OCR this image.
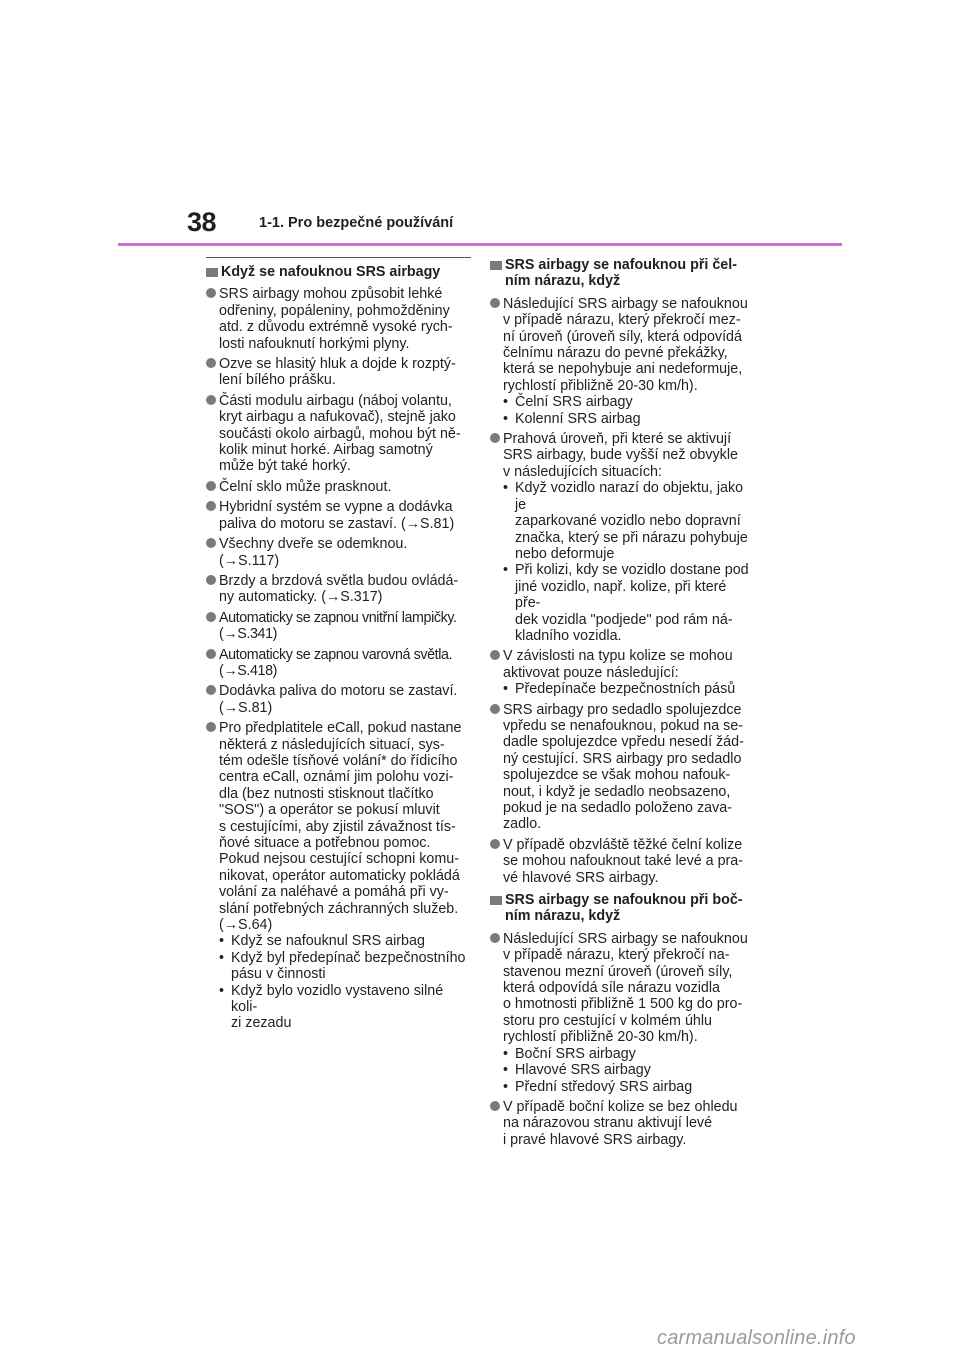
38	1-1. Pro bezpečné používání
Když se nafouknou SRS airbagy

SRS airbagy mohou způsobit lehké
odřeniny, popáleniny, pohmožděniny
atd. z důvodu extrémně vysoké rych-
losti nafouknutí horkými plyny.

Ozve se hlasitý hluk a dojde k rozptý-
lení bílého prášku.

Části modulu airbagu (náboj volantu,
kryt airbagu a nafukovač), stejně jako
součásti okolo airbagů, mohou být ně-
kolik minut horké. Airbag samotný
může být také horký.

Čelní sklo může prasknout.

Hybridní systém se vypne a dodávka
paliva do motoru se zastaví. (→S.81)

Všechny dveře se odemknou.
(→S.117)

Brzdy a brzdová světla budou ovládá-
ny automaticky. (→S.317)

Automaticky se zapnou vnitřní lampičky.
(→S.341)

Automaticky se zapnou varovná světla.
(→S.418)

Dodávka paliva do motoru se zastaví.
(→S.81)

Pro předplatitele eCall, pokud nastane
některá z následujících situací, sys-
tém odešle tísňové volání* do řídicího
centra eCall, oznámí jim polohu vozi-
dla (bez nutnosti stisknout tlačítko
"SOS") a operátor se pokusí mluvit
s cestujícími, aby zjistil závažnost tís-
ňové situace a potřebnou pomoc.
Pokud nejsou cestující schopni komu-
nikovat, operátor automaticky pokládá
volání za naléhavé a pomáhá při vy-
slání potřebných záchranných služeb.
(→S.64)

• Když se nafouknul SRS airbag
• Když byl předepínač bezpečnostního
pásu v činnosti
• Když bylo vozidlo vystaveno silné koli-
zi zezadu
SRS airbagy se nafouknou při čel-
ním nárazu, když

Následující SRS airbagy se nafouknou
v případě nárazu, který překročí mez-
ní úroveň (úroveň síly, která odpovídá
čelnímu nárazu do pevné překážky,
která se nepohybuje ani nedeformuje,
rychlostí přibližně 20-30 km/h).

• Čelní SRS airbagy
• Kolenní SRS airbag

Prahová úroveň, při které se aktivují
SRS airbagy, bude vyšší než obvykle
v následujících situacích:

• Když vozidlo narazí do objektu, jako je
zaparkované vozidlo nebo dopravní
značka, který se při nárazu pohybuje
nebo deformuje
• Při kolizi, kdy se vozidlo dostane pod
jiné vozidlo, např. kolize, při které pře-
dek vozidla "podjede" pod rám ná-
kladního vozidla.

V závislosti na typu kolize se mohou
aktivovat pouze následující:

• Předepínače bezpečnostních pásů

SRS airbagy pro sedadlo spolujezdce
vpředu se nenafouknou, pokud na se-
dadle spolujezdce vpředu nesedí žád-
ný cestující. SRS airbagy pro sedadlo
spolujezdce se však mohou nafouk-
nout, i když je sedadlo neobsazeno,
pokud je na sedadlo položeno zava-
zadlo.

V případě obzvláště těžké čelní kolize
se mohou nafouknout také levé a pra-
vé hlavové SRS airbagy.

SRS airbagy se nafouknou při boč-
ním nárazu, když

Následující SRS airbagy se nafouknou
v případě nárazu, který překročí na-
stavenou mezní úroveň (úroveň síly,
která odpovídá síle nárazu vozidla
o hmotnosti přibližně 1 500 kg do pro-
storu pro cestující v kolmém úhlu
rychlostí přibližně 20-30 km/h).

• Boční SRS airbagy
• Hlavové SRS airbagy
• Přední středový SRS airbag

V případě boční kolize se bez ohledu
na nárazovou stranu aktivují levé
i pravé hlavové SRS airbagy.

carmanualsonline.info
